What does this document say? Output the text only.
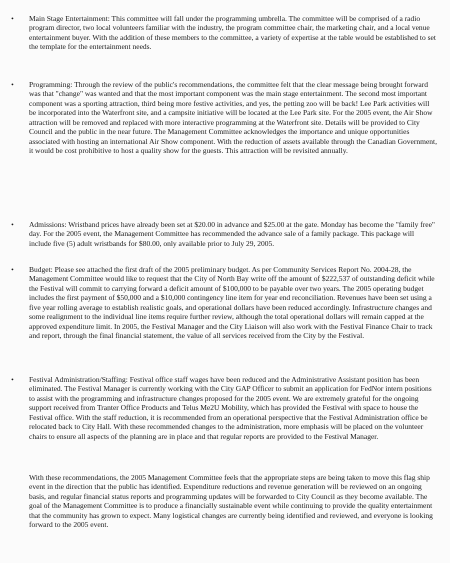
•	Main Stage Entertainment: This committee will fall under the programming umbrella. The committee will be comprised of a radio program director, two local volunteers familiar with the industry, the program committee chair, the marketing chair, and a local venue entertainment buyer. With the addition of these members to the committee, a variety of expertise at the table would be established to set the template for the entertainment needs.

•	Programming: Through the review of the public's recommendations, the committee felt that the clear message being brought forward was that "change" was wanted and that the most important component was the main stage entertainment. The second most important component was a sporting attraction, third being more festive activities, and yes, the petting zoo will be back! Lee Park activities will be incorporated into the Waterfront site, and a campsite initiative will be located at the Lee Park site. For the 2005 event, the Air Show attraction will be removed and replaced with more interactive programming at the Waterfront site. Details will be provided to City Council and the public in the near future. The Management Committee acknowledges the importance and unique opportunities associated with hosting an international Air Show component. With the reduction of assets available through the Canadian Government, it would be cost prohibitive to host a quality show for the guests. This attraction will be revisited annually.

•	Admissions: Wristband prices have already been set at $20.00 in advance and $25.00 at the gate. Monday has become the "family free" day. For the 2005 event, the Management Committee has recommended the advance sale of a family package. This package will include five (5) adult wristbands for $80.00, only available prior to July 29, 2005.

•	Budget: Please see attached the first draft of the 2005 preliminary budget. As per Community Services Report No. 2004-28, the Management Committee would like to request that the City of North Bay write off the amount of $222,537 of outstanding deficit while the Festival will commit to carrying forward a deficit amount of $100,000 to be payable over two years. The 2005 operating budget includes the first payment of $50,000 and a $10,000 contingency line item for year end reconciliation. Revenues have been set using a five year rolling average to establish realistic goals, and operational dollars have been reduced accordingly. Infrastructure changes and some realignment to the individual line items require further review, although the total operational dollars will remain capped at the approved expenditure limit. In 2005, the Festival Manager and the City Liaison will also work with the Festival Finance Chair to track and report, through the final financial statement, the value of all services received from the City by the Festival.

•	Festival Administration/Staffing: Festival office staff wages have been reduced and the Administrative Assistant position has been eliminated. The Festival Manager is currently working with the City GAP Officer to submit an application for FedNor intern positions to assist with the programming and infrastructure changes proposed for the 2005 event. We are extremely grateful for the ongoing support received from Tranter Office Products and Telus Me2U Mobility, which has provided the Festival with space to house the Festival office. With the staff reduction, it is recommended from an operational perspective that the Festival Administration office be relocated back to City Hall. With these recommended changes to the administration, more emphasis will be placed on the volunteer chairs to ensure all aspects of the planning are in place and that regular reports are provided to the Festival Manager.

With these recommendations, the 2005 Management Committee feels that the appropriate steps are being taken to move this flag ship event in the direction that the public has identified. Expenditure reductions and revenue generation will be reviewed on an ongoing basis, and regular financial status reports and programming updates will be forwarded to City Council as they become available. The goal of the Management Committee is to produce a financially sustainable event while continuing to provide the quality entertainment that the community has grown to expect. Many logistical changes are currently being identified and reviewed, and everyone is looking forward to the 2005 event.
